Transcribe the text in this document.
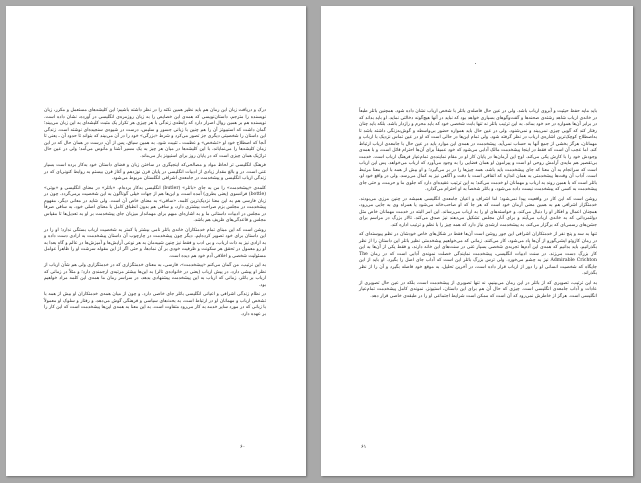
درک و دریافت زبان این رمان هم باید نظیر همین نکته را در نظر داشته باشیم؛ این کلیشه‌های مستعمل و مکرر، زبان نویسنده را مترجم، داستان‌نویسی که همه‌ی این خصایص را به زبان روزمره‌ی انگلیسی در آورده، نشان داده است. نویسنده هم بر همین روال اصرار دارد که رابطه‌ی زندگی با هر چیزی هر تکرار یک مثبت کلیشه‌ای به این زبان می‌بیند؛ گمان داشت که استبیوتز آن را هم چنین با زبانی جسور و سلیس، درست در شیوه‌ی سنجیده‌ای نوشته است. زندگی این داستان را شخصیتی دیگری جز تصور می‌کرد و شرط «بزرگی» خود را در آن می‌بیند که بتواند تا حدود آن ـ یعنی تا آنجا که اصطلاح خود او «تشخص» و عظمت ـ تثبیت شود. به همین سیاق، پس از آن، درست در همان حال که در این زمان کلیشه‌ها را می‌نمایاند، با این کلیشه‌ها در میان هر چیز به یک مسیر آشنا و مأنوس می‌آمد؛ ولی در عین حال تراژیک همان چیزی است که در پایان روز برای استیونز باز می‌ماند.

فرهنگ انگلیسی تر لحاظ مواد و مصالحی‌که اینجیگری در ساختن زبان و فضای داستان خود به‌کار برده است بسیار غنی است. در و بالغ مقدار زیادی از ادبیات انگلیسی در پایان قرن نوزدهم و آغاز قرن بیستم به روابط کنونی‌ای که در زندگی ارباب انگلیسی و پیشخدمت در جامعه‌ی اشرافی انگلستان مربوط می‌شود.

کلمه‌ی «پیشخدمت» را من به جای «باتلر» (butler) انگلیسی به‌کار برده‌ام. «باتلر» در معنای انگلیسی و «بوتی» (bottle) فرانسوی (یعنی بطری) آمده است، و این‌ها هم از جهات خیلی گوناگون به این شخصیت برمی‌گردد. چون در زبان فارسی هم به این معنا نزدیک‌ترین کلمه، «ساقی» به معنای خاص آن است. ولی شاید در معانی دیگر، مفهوم پیشخدمت در مجلس بزم صراحت بیشتری دارد، و ساقی هم بدون انطباق کامل با معنای اصلی خود، به ساقی صرفاً در مجلس در ادبیات داستانی ما و به اشاره‌ای مبهم برای مهماندار میزبان جای پیشخدمت بر او به تعدیل‌ها تا مقیاس مجلس و قاعدگی‌های ظریف هم باشد.

روشن است که این مبنای تمام خدمتکاران خانه‌ی باتلر نامی بیشتر یا کمتر به شخصیت ارباب بستگی ندارد؛ او را در این داستان برای خود تصویر کرده‌ایم. دیگر چون پیشخدمت در چارچوب آن داستان پیشخدمت به ارادی دست داده و به ارادی نیز به ذات ارباب، و بی ادب و فقط نیز چنین شبیه‌مان به هر نوعی آرایش‌ها و آمیزش‌ها در عالم و گاه بعدا به او رو معمول در تحقق هر سکونت و ظرفیت خودی بر آن نمادها، و حتی اگر از این مقوله سرشت او را ظاهراً عوامل مسئولیت شخصی و اخلاقی آدم خود هم دیده است.

به این ترتیب، من گمان می‌کنم «پیشخدمت»، فارسی، به معنای خدمتگزاری که در خدمتگزاری ولی هم شأن ارباب از نظر او پیشی دارد، در پیش ارباب (یعنی در خانواده‌ی تالر) به این‌ها بیشتر مرتبه‌ی ارجمندی دارد؛ و مثلاً در زمانی که ارباب بر باتلر، زمانی که ارباب به این پیشخدمت پیشنهادی بدهد، در سراسر رمان ما همه‌ی این کلمه مراد خواهیم بود.

در نظام زندگی اشرافی و اعیانی انگلیسی باتلر جای خاصی دارد. و چون از میان همه‌ی خدمتکاران او بیش از همه با تشخص ارباب و مهمانان او در ارتباط است، به بحث‌های سیاسی و فرهنگی گوش می‌دهد، و رفتار و سلوک او معمولاً با زبانی که در مورد سایر خدمه به کار می‌رود متفاوت است. به این معنا به همه‌ی این‌ها پیشخدمت است که این کار را بر عهده دارد.

۶۰

باید مایه حفظ حیثیت و آبروی ارباب باشد. ولی در عین حال فاصله‌ی باتلر با شخص ارباب نشان داده شود. همچنین باتلر طبعاً در خانه‌ی ارباب شاهد رشته‌ی صحنه‌ها و گفت‌وگوهای بسیاری خواهد بود که نباید در آنها هیچ‌گونه دخالتی نماید. او باید بداند که در برابر آن‌ها همواره در حد خود بماند. به این ترتیب باتلر نه تنها بابت شخصی خود که باید محرم و رازدار باشد. بلکه باید چنان رفتار کند که گویی چیزی نمی‌بیند و نمی‌شنود. ولی در عین حال باید همواره حضور بی‌واسطه و گوش‌به‌زنگی داشته باشد تا به‌اصطلاح کوچک‌ترین اشاره‌ی ارباب در نظر گرفته شود. ولی تمام این‌ها در حالی است که او در عین تماس نزدیک با ارباب و مهمانان، هرگز بخشی از جمع آنها به حساب نمی‌آید. پیشخدمت در همه‌ی این موارد باید در عین حال با جامعه‌ی ارباب ارتباط کند. اما عجب آن است که فقط در اینجا پیشخدمت مالک آدابی می‌شود که خود عمیقاً برای آن‌ها احترام قائل است، و با همه‌ی وجودش خود را با کارش یکی می‌کند. اوج این آرمان‌ها در پایان کار او در مقام نماینده‌ی تمام‌عیار فرهنگ ارباب است. خدمت بی‌تقصیر هم مایه‌ی آرامش روحی او است و پیرامون او همان فضایی را به وجود می‌آورد که ارباب می‌خواهد. پس این ارباب است که سرانجام به آن معنا که جای پیشخدمت باید باشد، همه چیزها را در بر می‌گیرد؛ و او بیش از همه با این معنا مرتبط است. آداب آن وقت‌ها پیشخدمتی به همان اندازه که اتفاقی است با دقت و آگاهی نیز به کمال می‌رسد. ولی در واقع خود او، باتلر است که با همین روند به ارباب و مهمانان او خدمت می‌کند؛ به این ترتیب عقیده‌ای دارد که جلوی ما و حرمت، و حتی جای پیشخدمت به کسی که پیشخدمت نیست داده می‌شود، و باتلر شخصاً به او احترام می‌گذارد.

روشن است که این کار در واقعیت پیدا نمی‌شود؛ اما اشراف و اعیان جامعه‌ی انگلیسی همیشه در چنین مرزی می‌بودند. خدمتگزار اشرافی هم به همین معنی آرمان خود است که هر جا که او صاحب‌خانه می‌شود یا همراه وی به جایی می‌رود، همچنان اعمال و افکار او را دنبال می‌کند، و خواسته‌های او را به ارباب می‌رساند. این امر البته در خدمت مهمانان خاص مثل دولتمردانی که به خانه‌ی ارباب می‌آیند و برای آنان مجلس تشکیل می‌دهند نیز صدق می‌کند. تالار بزرگ در مراسم برای جشن‌های رسمی‌ای که برگزار می‌کند، به پیشخدمت ارشدی نیاز دارد که همه چیز را با نظم و ترتیب اداره کند.

تنها به سه و پنج نفر از خدمتکاران اشرافی این جور روشن است آن‌ها فقط در شکل‌های خاص خودشان در نظم پیوسته‌ای که در رمان کازوئو ایشی‌گورو از آن‌ها یاد می‌شود، کار می‌کنند. زمانی که می‌خواهیم پیشخدمتی نظیر باتلر این داستان را از نظر بگذرانیم، باید بدانیم که همه‌ی این آدم‌ها تجربه‌ی شخصی بسیار غنی در سنت‌های این خانه دارند، و فقط یکی از آن‌ها به این کار بزرگ دست می‌زند. در سنت ادبیات انگلیسی، پیشخدمت نمایندگی خصلت نمونه‌ی آدابی است که در رمان The Admirable Crichton نیز به چشم می‌خورد. ولی ترس بزرگ باتلر این است که آداب جای اصل را بگیرد. او باید از این جایگاه که شخصیت انسانی او را دور از ارباب قرار داده است، در آخرین تحلیل، به موقع خود فاصله بگیرد و آن را از نظر بگذراند.

به این ترتیب، تصویری که از باتلر در این رمان می‌بینیم، نه تنها تصویری از پیشخدمت است، بلکه در عین حال تصویری از عادات و آداب جامعه‌ی انگلیسی است. چیزی که حال آن هم برای این داستان، استیونز، نمونه‌ی کامل پیشخدمت تمام‌عیار انگلیسی است. هرگز از خاطرش نمی‌رود که آن است که ممکن است شرایط اجتماعی او را در طبقه‌ی خاصی قرار دهد.

۶۱
